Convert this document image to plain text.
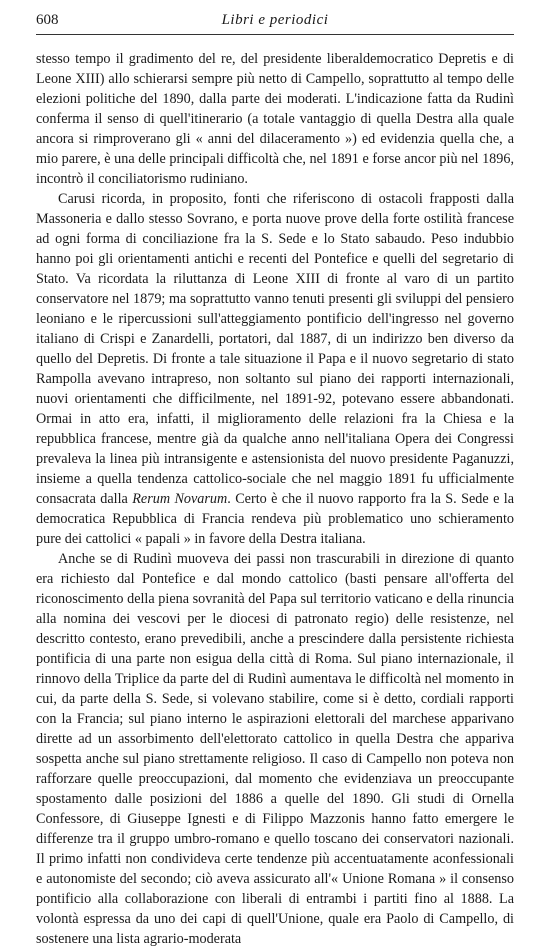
608	Libri e periodici

stesso tempo il gradimento del re, del presidente liberaldemocratico Depretis e di Leone XIII) allo schierarsi sempre più netto di Campello, soprattutto al tempo delle elezioni politiche del 1890, dalla parte dei moderati. L'indicazione fatta da Rudinì conferma il senso di quell'itinerario (a totale vantaggio di quella Destra alla quale ancora si rimproverano gli « anni del dilaceramento ») ed evidenzia quella che, a mio parere, è una delle principali difficoltà che, nel 1891 e forse ancor più nel 1896, incontrò il conciliatorismo rudiniano.

Carusi ricorda, in proposito, fonti che riferiscono di ostacoli frapposti dalla Massoneria e dallo stesso Sovrano, e porta nuove prove della forte ostilità francese ad ogni forma di conciliazione fra la S. Sede e lo Stato sabaudo. Peso indubbio hanno poi gli orientamenti antichi e recenti del Pontefice e quelli del segretario di Stato. Va ricordata la riluttanza di Leone XIII di fronte al varo di un partito conservatore nel 1879; ma soprattutto vanno tenuti presenti gli sviluppi del pensiero leoniano e le ripercussioni sull'atteggiamento pontificio dell'ingresso nel governo italiano di Crispi e Zanardelli, portatori, dal 1887, di un indirizzo ben diverso da quello del Depretis. Di fronte a tale situazione il Papa e il nuovo segretario di stato Rampolla avevano intrapreso, non soltanto sul piano dei rapporti internazionali, nuovi orientamenti che difficilmente, nel 1891-92, potevano essere abbandonati. Ormai in atto era, infatti, il miglioramento delle relazioni fra la Chiesa e la repubblica francese, mentre già da qualche anno nell'italiana Opera dei Congressi prevaleva la linea più intransigente e astensionista del nuovo presidente Paganuzzi, insieme a quella tendenza cattolico-sociale che nel maggio 1891 fu ufficialmente consacrata dalla Rerum Novarum. Certo è che il nuovo rapporto fra la S. Sede e la democratica Repubblica di Francia rendeva più problematico uno schieramento pure dei cattolici « papali » in favore della Destra italiana.

Anche se di Rudinì muoveva dei passi non trascurabili in direzione di quanto era richiesto dal Pontefice e dal mondo cattolico (basti pensare all'offerta del riconoscimento della piena sovranità del Papa sul territorio vaticano e della rinuncia alla nomina dei vescovi per le diocesi di patronato regio) delle resistenze, nel descritto contesto, erano prevedibili, anche a prescindere dalla persistente richiesta pontificia di una parte non esigua della città di Roma. Sul piano internazionale, il rinnovo della Triplice da parte del di Rudinì aumentava le difficoltà nel momento in cui, da parte della S. Sede, si volevano stabilire, come si è detto, cordiali rapporti con la Francia; sul piano interno le aspirazioni elettorali del marchese apparivano dirette ad un assorbimento dell'elettorato cattolico in quella Destra che appariva sospetta anche sul piano strettamente religioso. Il caso di Campello non poteva non rafforzare quelle preoccupazioni, dal momento che evidenziava un preoccupante spostamento dalle posizioni del 1886 a quelle del 1890. Gli studi di Ornella Confessore, di Giuseppe Ignesti e di Filippo Mazzonis hanno fatto emergere le differenze tra il gruppo umbro-romano e quello toscano dei conservatori nazionali. Il primo infatti non condivideva certe tendenze più accentuatamente aconfessionali e autonomiste del secondo; ciò aveva assicurato all'« Unione Romana » il consenso pontificio alla collaborazione con liberali di entrambi i partiti fino al 1888. La volontà espressa da uno dei capi di quell'Unione, quale era Paolo di Campello, di sostenere una lista agrario-moderata
